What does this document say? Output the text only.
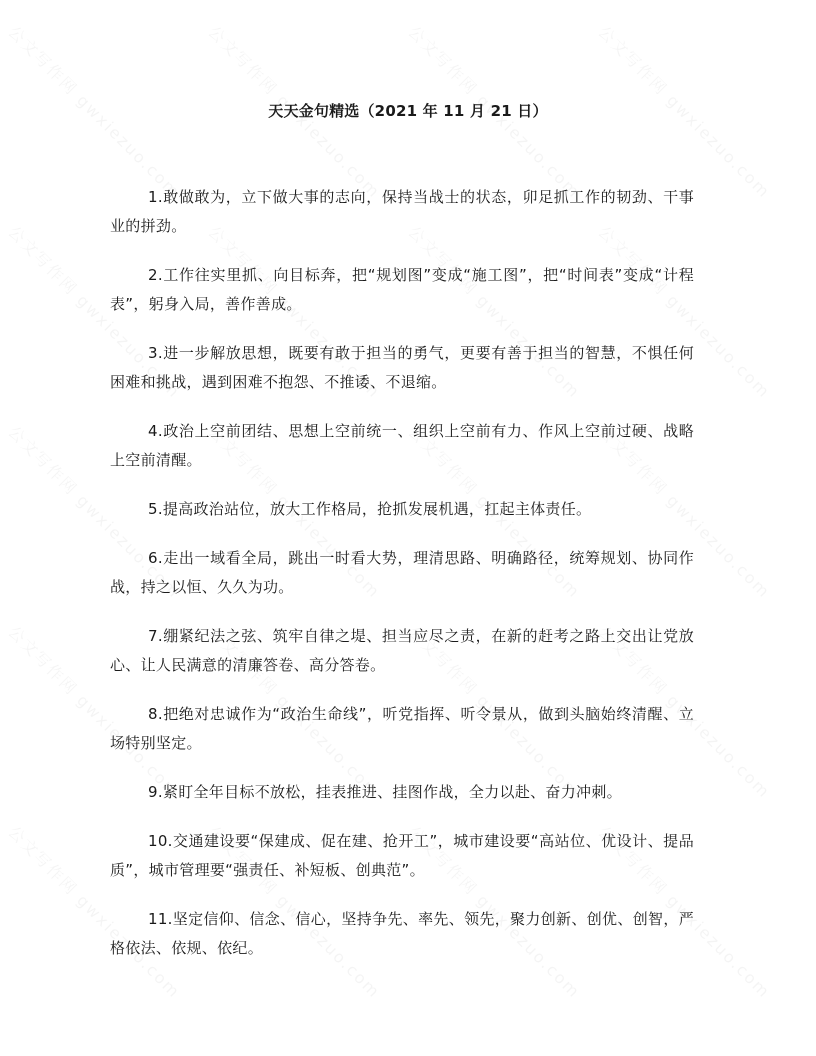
天天金句精选（2021 年 11 月 21 日）

1.敢做敢为，立下做大事的志向，保持当战士的状态，卯足抓工作的韧劲、干事业的拼劲。

2.工作往实里抓、向目标奔，把“规划图”变成“施工图”，把“时间表”变成“计程表”，躬身入局，善作善成。

3.进一步解放思想，既要有敢于担当的勇气，更要有善于担当的智慧，不惧任何困难和挑战，遇到困难不抱怨、不推诿、不退缩。

4.政治上空前团结、思想上空前统一、组织上空前有力、作风上空前过硬、战略上空前清醒。

5.提高政治站位，放大工作格局，抢抓发展机遇，扛起主体责任。

6.走出一域看全局，跳出一时看大势，理清思路、明确路径，统筹规划、协同作战，持之以恒、久久为功。

7.绷紧纪法之弦、筑牢自律之堤、担当应尽之责，在新的赶考之路上交出让党放心、让人民满意的清廉答卷、高分答卷。

8.把绝对忠诚作为“政治生命线”，听党指挥、听令景从，做到头脑始终清醒、立场特别坚定。

9.紧盯全年目标不放松，挂表推进、挂图作战，全力以赴、奋力冲刺。

10.交通建设要“保建成、促在建、抢开工”，城市建设要“高站位、优设计、提品质”，城市管理要“强责任、补短板、创典范”。

11.坚定信仰、信念、信心，坚持争先、率先、领先，聚力创新、创优、创智，严格依法、依规、依纪。
